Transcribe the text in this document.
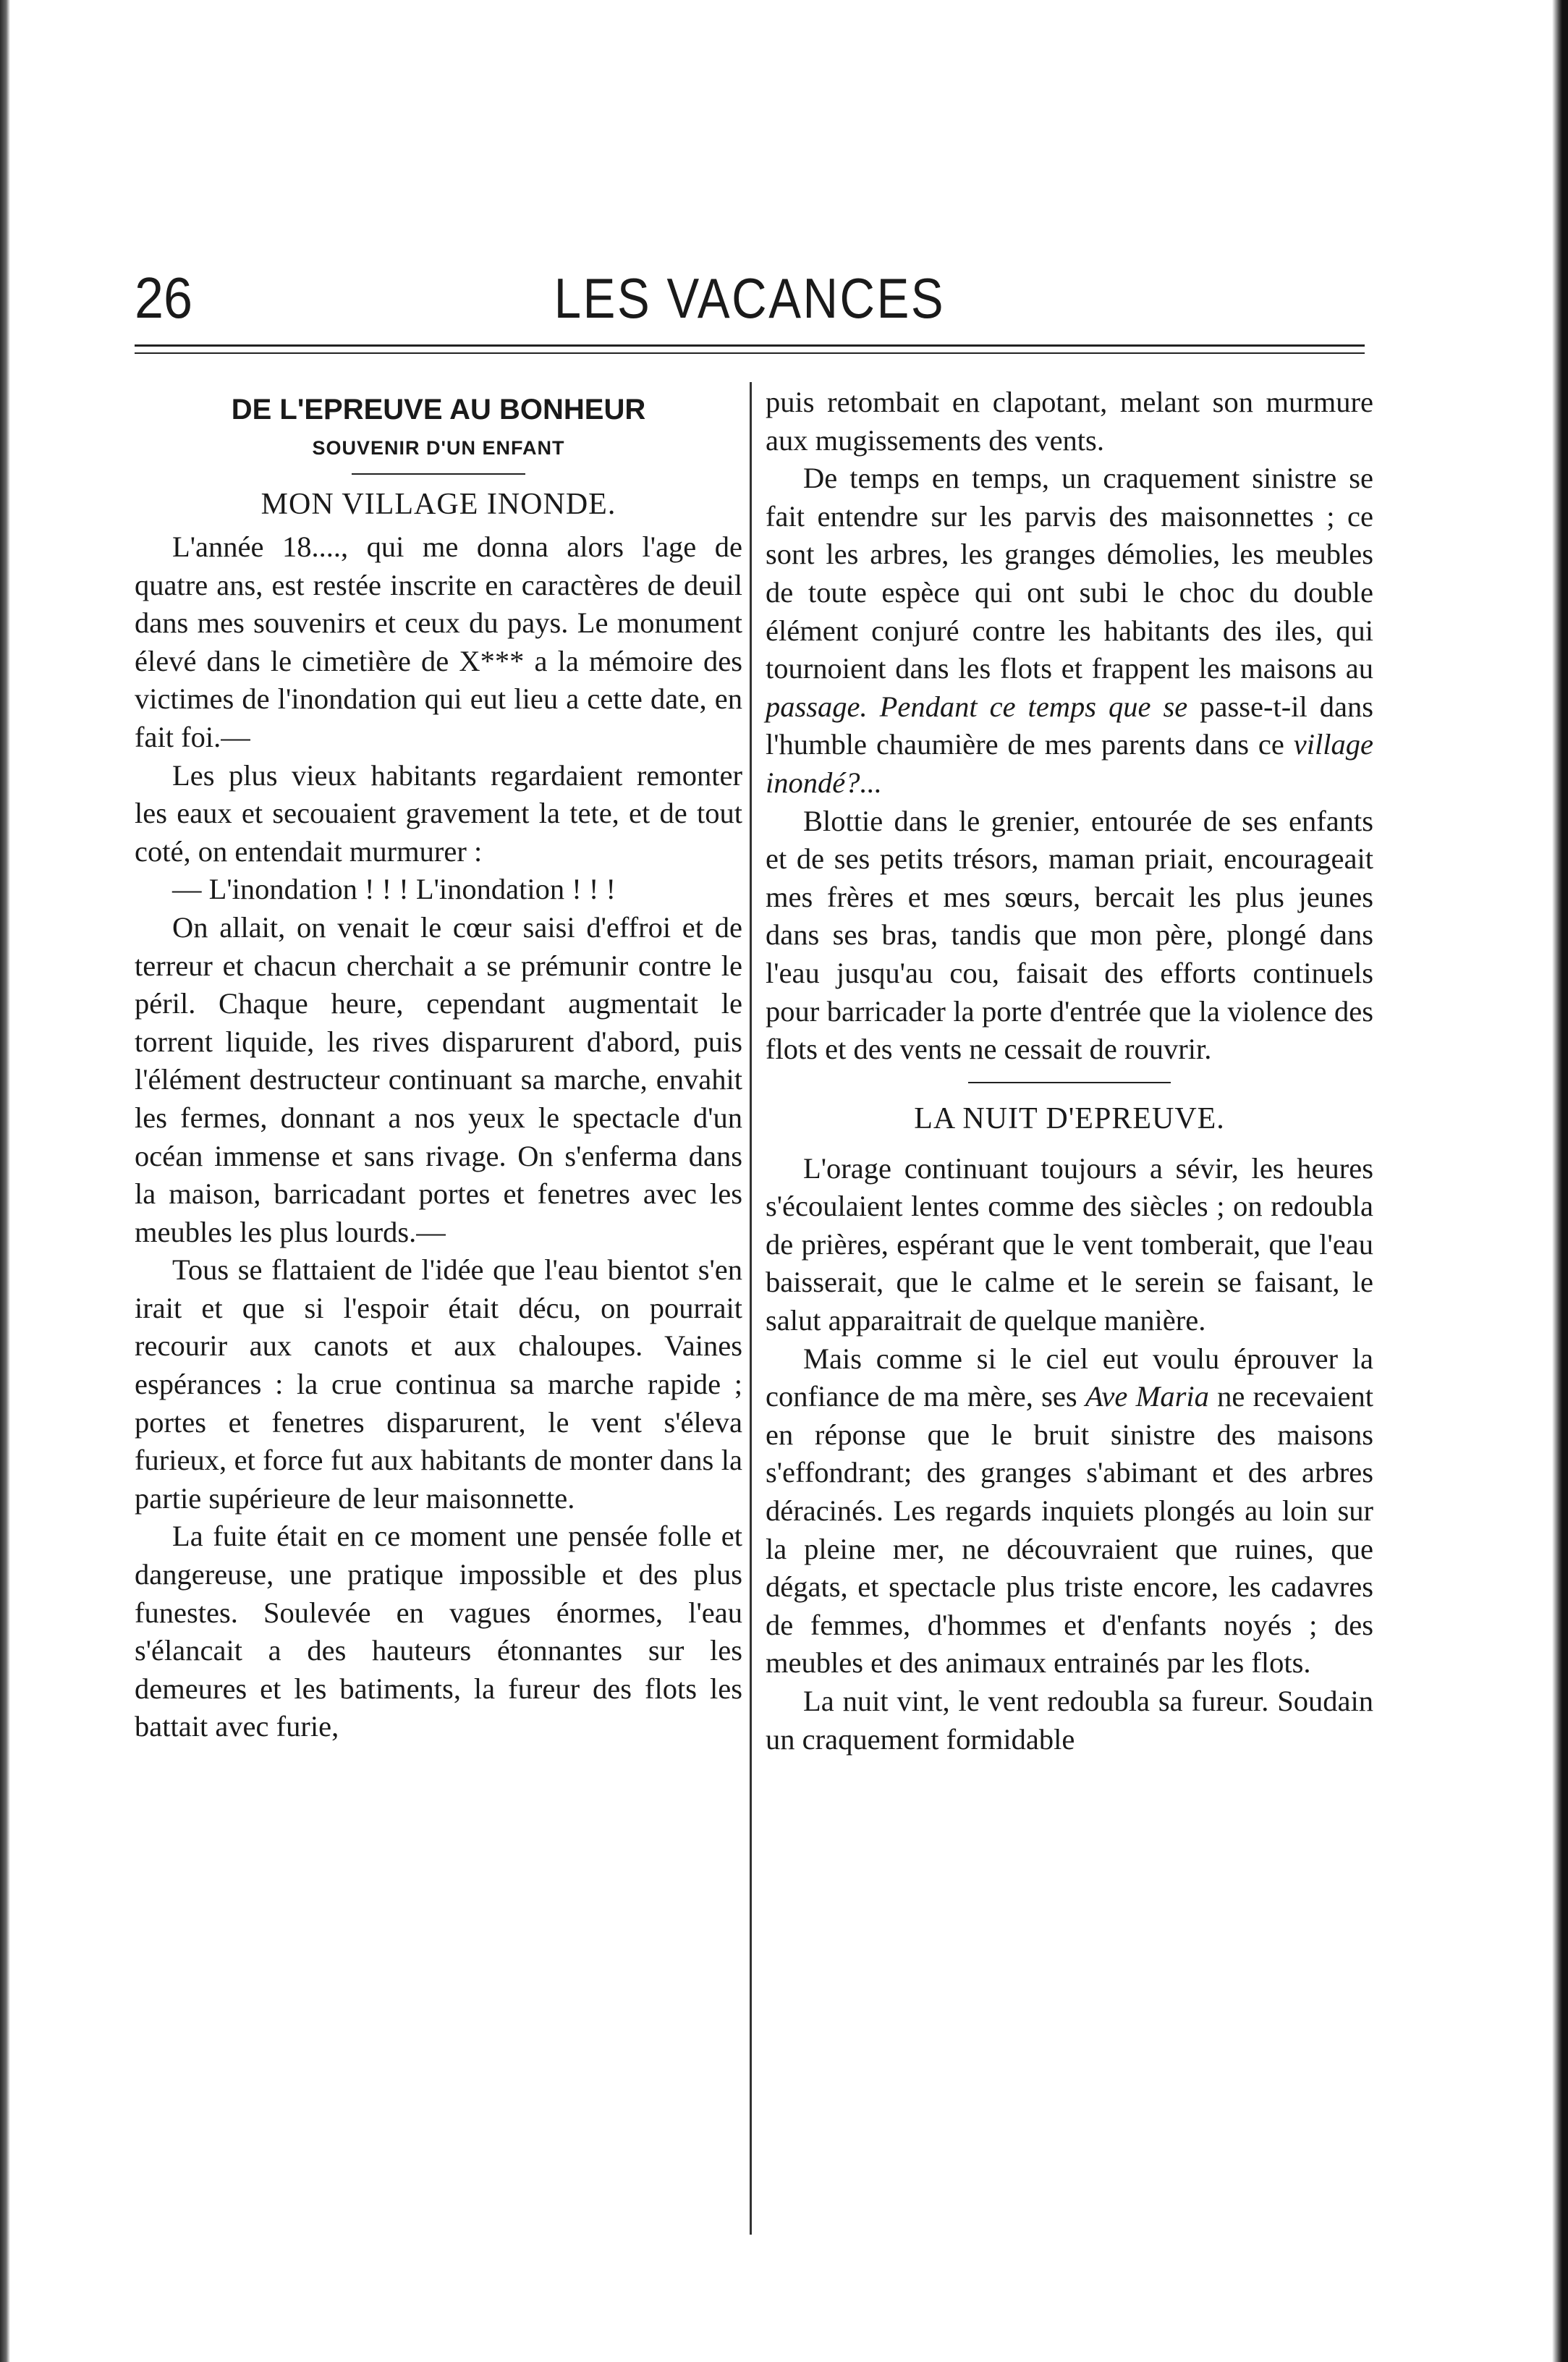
26	LES VACANCES
DE L'EPREUVE AU BONHEUR
SOUVENIR D'UN ENFANT
MON VILLAGE INONDE.

L'année 18...., qui me donna alors l'age de quatre ans, est restée inscrite en caractères de deuil dans mes souvenirs et ceux du pays. Le monument élevé dans le cimetière de X*** a la mémoire des victimes de l'inondation qui eut lieu a cette date, en fait foi.—

Les plus vieux habitants regardaient remonter les eaux et secouaient gravement la tete, et de tout coté, on entendait murmurer :

— L'inondation ! ! ! L'inondation ! ! !

On allait, on venait le cœur saisi d'effroi et de terreur et chacun cherchait a se prémunir contre le péril. Chaque heure, cependant augmentait le torrent liquide, les rives disparurent d'abord, puis l'élément destructeur continuant sa marche, envahit les fermes, donnant a nos yeux le spectacle d'un océan immense et sans rivage. On s'enferma dans la maison, barricadant portes et fenetres avec les meubles les plus lourds.—

Tous se flattaient de l'idée que l'eau bientot s'en irait et que si l'espoir était décu, on pourrait recourir aux canots et aux chaloupes. Vaines espérances : la crue continua sa marche rapide ; portes et fenetres disparurent, le vent s'éleva furieux, et force fut aux habitants de monter dans la partie supérieure de leur maisonnette.

La fuite était en ce moment une pensée folle et dangereuse, une pratique impossible et des plus funestes. Soulevée en vagues énormes, l'eau s'élancait a des hauteurs étonnantes sur les demeures et les batiments, la fureur des flots les battait avec furie,

puis retombait en clapotant, melant son murmure aux mugissements des vents.

De temps en temps, un craquement sinistre se fait entendre sur les parvis des maisonnettes ; ce sont les arbres, les granges démolies, les meubles de toute espèce qui ont subi le choc du double élément conjuré contre les habitants des iles, qui tournoient dans les flots et frappent les maisons au passage. Pendant ce temps que se passe-t-il dans l'humble chaumière de mes parents dans ce village inondé?...

Blottie dans le grenier, entourée de ses enfants et de ses petits trésors, maman priait, encourageait mes frères et mes sœurs, bercait les plus jeunes dans ses bras, tandis que mon père, plongé dans l'eau jusqu'au cou, faisait des efforts continuels pour barricader la porte d'entrée que la violence des flots et des vents ne cessait de rouvrir.

LA NUIT D'EPREUVE.

L'orage continuant toujours a sévir, les heures s'écoulaient lentes comme des siècles ; on redoubla de prières, espérant que le vent tomberait, que l'eau baisserait, que le calme et le serein se faisant, le salut apparaitrait de quelque manière.

Mais comme si le ciel eut voulu éprouver la confiance de ma mère, ses Ave Maria ne recevaient en réponse que le bruit sinistre des maisons s'effondrant; des granges s'abimant et des arbres déracinés. Les regards inquiets plongés au loin sur la pleine mer, ne découvraient que ruines, que dégats, et spectacle plus triste encore, les cadavres de femmes, d'hommes et d'enfants noyés ; des meubles et des animaux entrainés par les flots.

La nuit vint, le vent redoubla sa fureur. Soudain un craquement formidable
